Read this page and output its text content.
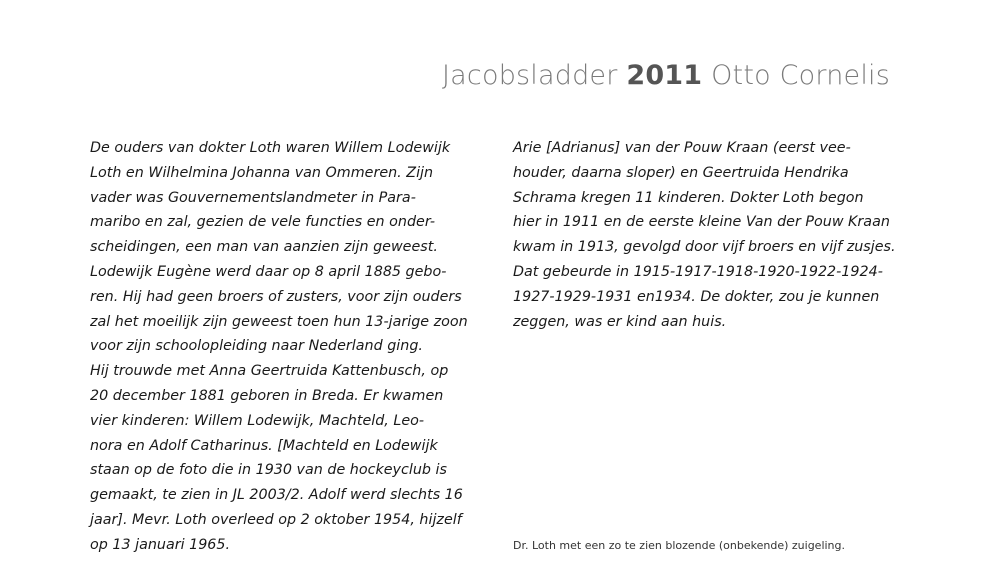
Jacobsladder 2011 Otto Cornelis
De ouders van dokter Loth waren Willem Lodewijk
Loth en Wilhelmina Johanna van Ommeren. Zijn
vader was Gouvernementslandmeter in Para-
maribo en zal, gezien de vele functies en onder-
scheidingen, een man van aanzien zijn geweest.
Lodewijk Eugène werd daar op 8 april 1885 gebo-
ren. Hij had geen broers of zusters, voor zijn ouders
zal het moeilijk zijn geweest toen hun 13-jarige zoon
voor zijn schoolopleiding naar Nederland ging.
Hij trouwde met Anna Geertruida Kattenbusch, op
20 december 1881 geboren in Breda. Er kwamen
vier kinderen: Willem Lodewijk, Machteld, Leo-
nora en Adolf Catharinus. [Machteld en Lodewijk
staan op de foto die in 1930 van de hockeyclub is
gemaakt, te zien in JL 2003/2. Adolf werd slechts 16
jaar]. Mevr. Loth overleed op 2 oktober 1954, hijzelf
op 13 januari 1965.
Arie [Adrianus] van der Pouw Kraan (eerst vee-
houder, daarna sloper) en Geertruida Hendrika
Schrama kregen 11 kinderen. Dokter Loth begon
hier in 1911 en de eerste kleine Van der Pouw Kraan
kwam in 1913, gevolgd door vijf broers en vijf zusjes.
Dat gebeurde in 1915-1917-1918-1920-1922-1924-
1927-1929-1931 en1934. De dokter, zou je kunnen
zeggen, was er kind aan huis.
Dr. Loth met een zo te zien blozende (onbekende) zuigeling.
